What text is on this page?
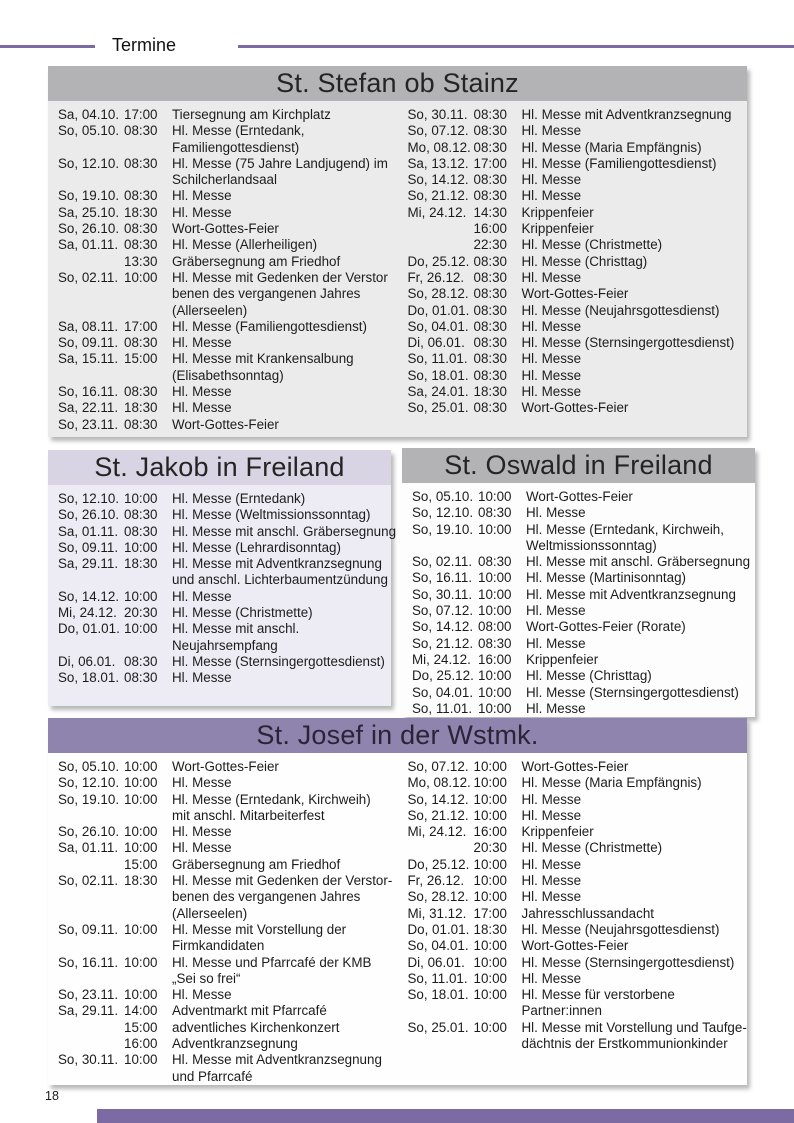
Termine
St. Stefan ob Stainz
Sa, 04.10. 17:00	Tiersegnung am Kirchplatz
So, 05.10. 08:30	Hl. Messe (Erntedank,
Familiengottesdienst)
So, 12.10. 08:30	Hl. Messe (75 Jahre Landjugend) im
Schilcherlandsaal
So, 19.10. 08:30	Hl. Messe
Sa, 25.10. 18:30	Hl. Messe
So, 26.10. 08:30	Wort-Gottes-Feier
Sa, 01.11. 08:30	Hl. Messe (Allerheiligen)
13:30	Gräbersegnung am Friedhof
So, 02.11. 10:00	Hl. Messe mit Gedenken der Verstor
benen des vergangenen Jahres
(Allerseelen)
Sa, 08.11. 17:00	Hl. Messe (Familiengottesdienst)
So, 09.11. 08:30	Hl. Messe
Sa, 15.11. 15:00	Hl. Messe mit Krankensalbung
(Elisabethsonntag)
So, 16.11. 08:30	Hl. Messe
Sa, 22.11. 18:30	Hl. Messe
So, 23.11. 08:30	Wort-Gottes-Feier
So, 30.11. 08:30	Hl. Messe mit Adventkranzsegnung
So, 07.12. 08:30	Hl. Messe
Mo, 08.12. 08:30	Hl. Messe (Maria Empfängnis)
Sa, 13.12. 17:00	Hl. Messe (Familiengottesdienst)
So, 14.12. 08:30	Hl. Messe
So, 21.12. 08:30	Hl. Messe
Mi, 24.12. 14:30	Krippenfeier
16:00	Krippenfeier
22:30	Hl. Messe (Christmette)
Do, 25.12. 08:30	Hl. Messe (Christtag)
Fr, 26.12. 08:30	Hl. Messe
So, 28.12. 08:30	Wort-Gottes-Feier
Do, 01.01. 08:30	Hl. Messe (Neujahrsgottesdienst)
So, 04.01. 08:30	Hl. Messe
Di, 06.01. 08:30	Hl. Messe (Sternsingergottesdienst)
So, 11.01. 08:30	Hl. Messe
So, 18.01. 08:30	Hl. Messe
Sa, 24.01. 18:30	Hl. Messe
So, 25.01. 08:30	Wort-Gottes-Feier
St. Jakob in Freiland
So, 12.10. 10:00	Hl. Messe (Erntedank)
So, 26.10. 08:30	Hl. Messe (Weltmissionssonntag)
Sa, 01.11. 08:30	Hl. Messe mit anschl. Gräbersegnung
So, 09.11. 10:00	Hl. Messe (Lehrardisonntag)
Sa, 29.11. 18:30	Hl. Messe mit Adventkranzsegnung
und anschl. Lichterbaumentzündung
So, 14.12. 10:00	Hl. Messe
Mi, 24.12. 20:30	Hl. Messe (Christmette)
Do, 01.01. 10:00	Hl. Messe mit anschl.
Neujahrsempfang
Di, 06.01. 08:30	Hl. Messe (Sternsingergottesdienst)
So, 18.01. 08:30	Hl. Messe
St. Oswald in Freiland
So, 05.10. 10:00	Wort-Gottes-Feier
So, 12.10. 08:30	Hl. Messe
So, 19.10. 10:00	Hl. Messe (Erntedank, Kirchweih,
Weltmissionssonntag)
So, 02.11. 08:30	Hl. Messe mit anschl. Gräbersegnung
So, 16.11. 10:00	Hl. Messe (Martinisonntag)
So, 30.11. 10:00	Hl. Messe mit Adventkranzsegnung
So, 07.12. 10:00	Hl. Messe
So, 14.12. 08:00	Wort-Gottes-Feier (Rorate)
So, 21.12. 08:30	Hl. Messe
Mi, 24.12. 16:00	Krippenfeier
Do, 25.12. 10:00	Hl. Messe (Christtag)
So, 04.01. 10:00	Hl. Messe (Sternsingergottesdienst)
So, 11.01. 10:00	Hl. Messe
St. Josef in der Wstmk.
So, 05.10. 10:00	Wort-Gottes-Feier
So, 12.10. 10:00	Hl. Messe
So, 19.10. 10:00	Hl. Messe (Erntedank, Kirchweih)
mit anschl. Mitarbeiterfest
So, 26.10. 10:00	Hl. Messe
Sa, 01.11. 10:00	Hl. Messe
15:00	Gräbersegnung am Friedhof
So, 02.11. 18:30	Hl. Messe mit Gedenken der Verstor-
benen des vergangenen Jahres
(Allerseelen)
So, 09.11. 10:00	Hl. Messe mit Vorstellung der
Firmkandidaten
So, 16.11. 10:00	Hl. Messe und Pfarrcafé der KMB
„Sei so frei“
So, 23.11. 10:00	Hl. Messe
Sa, 29.11. 14:00	Adventmarkt mit Pfarrcafé
15:00	adventliches Kirchenkonzert
16:00	Adventkranzsegnung
So, 30.11. 10:00	Hl. Messe mit Adventkranzsegnung
und Pfarrcafé
So, 07.12. 10:00	Wort-Gottes-Feier
Mo, 08.12. 10:00	Hl. Messe (Maria Empfängnis)
So, 14.12. 10:00	Hl. Messe
So, 21.12. 10:00	Hl. Messe
Mi, 24.12. 16:00	Krippenfeier
20:30	Hl. Messe (Christmette)
Do, 25.12. 10:00	Hl. Messe
Fr, 26.12. 10:00	Hl. Messe
So, 28.12. 10:00	Hl. Messe
Mi, 31.12. 17:00	Jahresschlussandacht
Do, 01.01. 18:30	Hl. Messe (Neujahrsgottesdienst)
So, 04.01. 10:00	Wort-Gottes-Feier
Di, 06.01. 10:00	Hl. Messe (Sternsingergottesdienst)
So, 11.01. 10:00	Hl. Messe
So, 18.01. 10:00	Hl. Messe für verstorbene
Partner:innen
So, 25.01. 10:00	Hl. Messe mit Vorstellung und Taufge-
dächtnis der Erstkommunionkinder
18
